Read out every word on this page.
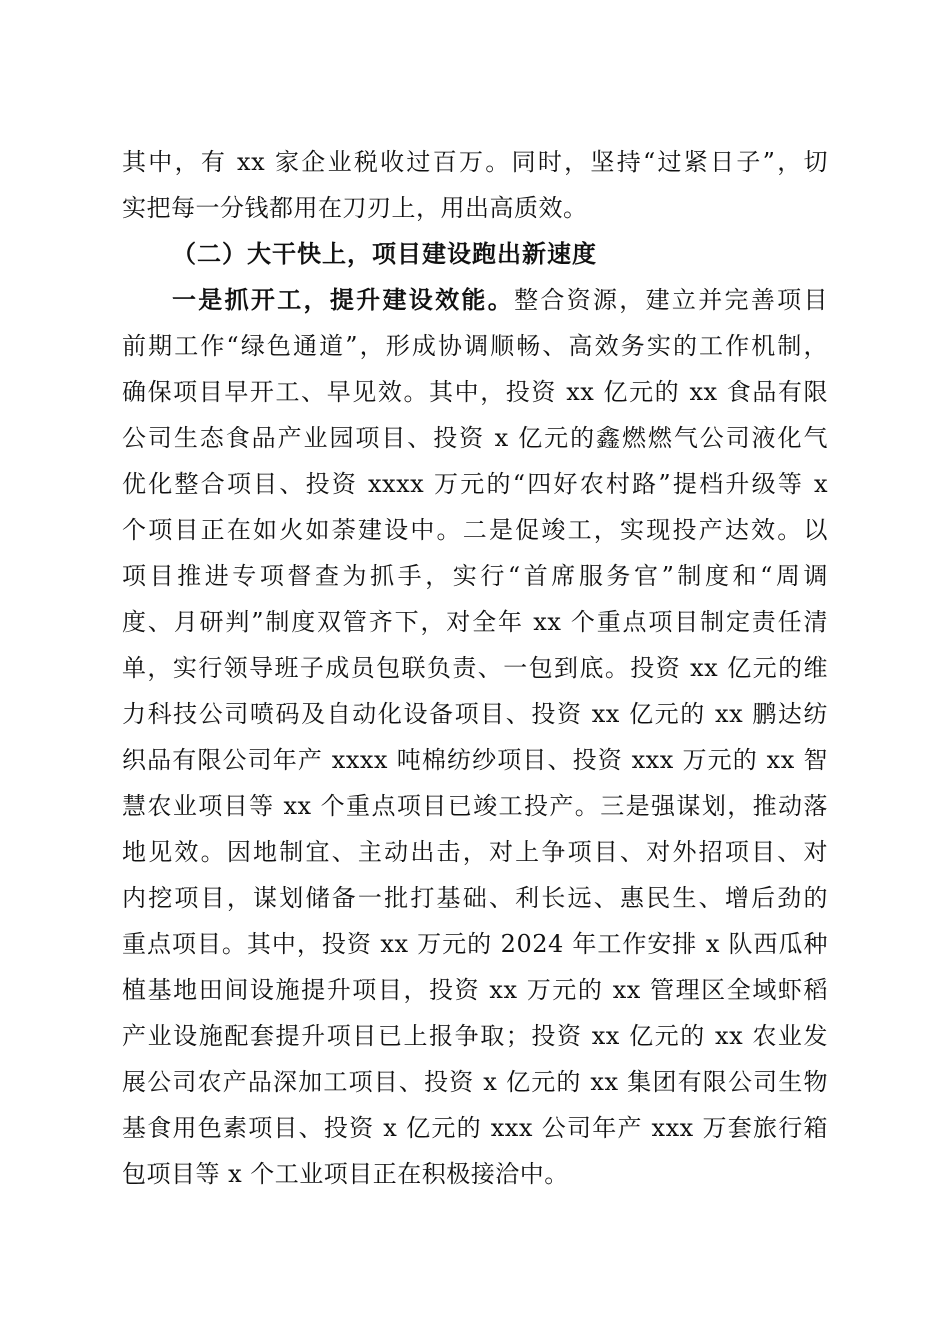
其中，有 xx 家企业税收过百万。同时，坚持“过紧日子”，切
实把每一分钱都用在刀刃上，用出高质效。
（二）大干快上，项目建设跑出新速度
一是抓开工，提升建设效能。整合资源，建立并完善项目
前期工作“绿色通道”，形成协调顺畅、高效务实的工作机制，
确保项目早开工、早见效。其中，投资 xx 亿元的 xx 食品有限
公司生态食品产业园项目、投资 x 亿元的鑫燃燃气公司液化气
优化整合项目、投资 xxxx 万元的“四好农村路”提档升级等 x
个项目正在如火如荼建设中。二是促竣工，实现投产达效。以
项目推进专项督查为抓手，实行“首席服务官”制度和“周调
度、月研判”制度双管齐下，对全年 xx 个重点项目制定责任清
单，实行领导班子成员包联负责、一包到底。投资 xx 亿元的维
力科技公司喷码及自动化设备项目、投资 xx 亿元的 xx 鹏达纺
织品有限公司年产 xxxx 吨棉纺纱项目、投资 xxx 万元的 xx 智
慧农业项目等 xx 个重点项目已竣工投产。三是强谋划，推动落
地见效。因地制宜、主动出击，对上争项目、对外招项目、对
内挖项目，谋划储备一批打基础、利长远、惠民生、增后劲的
重点项目。其中，投资 xx 万元的 2024 年工作安排 x 队西瓜种
植基地田间设施提升项目，投资 xx 万元的 xx 管理区全域虾稻
产业设施配套提升项目已上报争取；投资 xx 亿元的 xx 农业发
展公司农产品深加工项目、投资 x 亿元的 xx 集团有限公司生物
基食用色素项目、投资 x 亿元的 xxx 公司年产 xxx 万套旅行箱
包项目等 x 个工业项目正在积极接洽中。
